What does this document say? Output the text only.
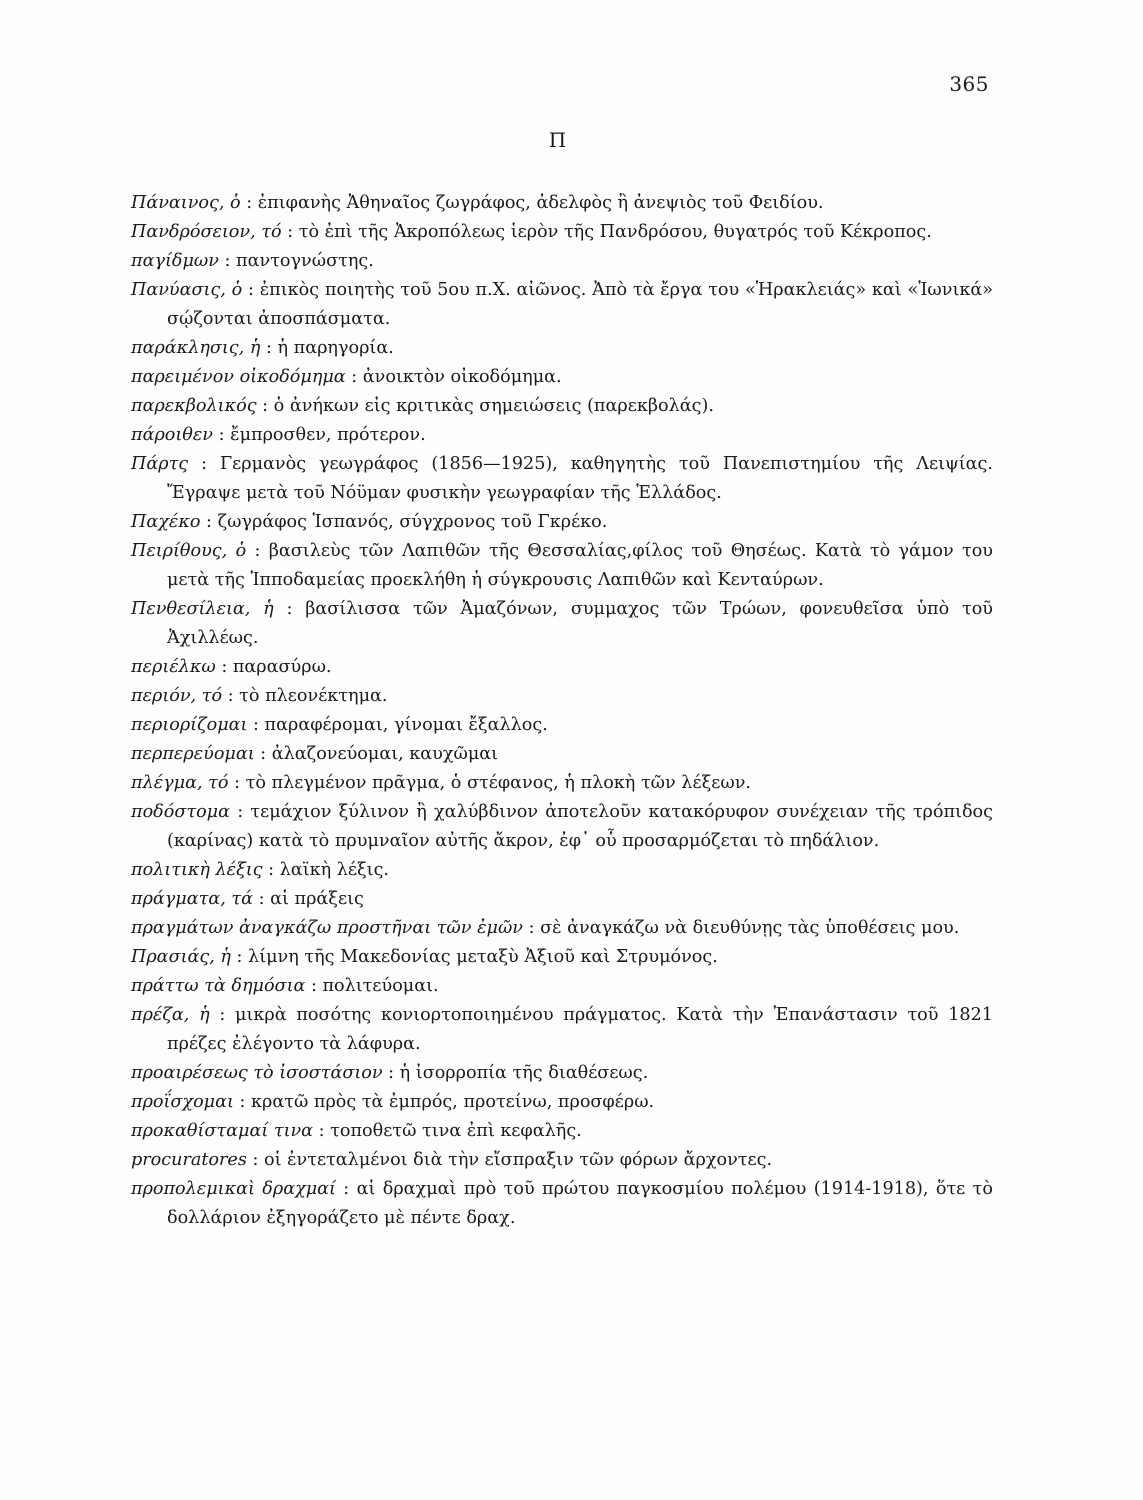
365
Π

Πάναινος, ὁ : ἐπιφανὴς Ἀθηναῖος ζωγράφος, ἀδελφὸς ἢ ἀνεψιὸς τοῦ Φειδίου.

Πανδρόσειον, τό : τὸ ἐπὶ τῆς Ἀκροπόλεως ἱερὸν τῆς Πανδρόσου, θυγατρός τοῦ Κέκροπος.

παγίδμων : παντογνώστης.

Πανύασις, ὁ : ἐπικὸς ποιητὴς τοῦ 5ου π.Χ. αἰῶνος. Ἀπὸ τὰ ἔργα του «Ἡρακλειάς» καὶ «Ἰωνικά» σῴζονται ἀποσπάσματα.

παράκλησις, ἡ : ἡ παρηγορία.

παρειμένον οἰκοδόμημα : ἀνοικτὸν οἰκοδόμημα.

παρεκβολικός : ὁ ἀνήκων εἰς κριτικὰς σημειώσεις (παρεκβολάς).

πάροιθεν : ἔμπροσθεν, πρότερον.

Πάρτς : Γερμανὸς γεωγράφος (1856—1925), καθηγητὴς τοῦ Πανεπιστημίου τῆς Λειψίας. Ἔγραψε μετὰ τοῦ Νόϋμαν φυσικὴν γεωγραφίαν τῆς Ἑλλάδος.

Παχέκο : ζωγράφος Ἱσπανός, σύγχρονος τοῦ Γκρέκο.

Πειρίθους, ὁ : βασιλεὺς τῶν Λαπιθῶν τῆς Θεσσαλίας,φίλος τοῦ Θησέως. Κατὰ τὸ γάμον του μετὰ τῆς Ἱπποδαμείας προεκλήθη ἡ σύγκρουσις Λαπιθῶν καὶ Κενταύρων.

Πενθεσίλεια, ἡ : βασίλισσα τῶν Ἀμαζόνων, συμμαχος τῶν Τρώων, φονευθεῖσα ὑπὸ τοῦ Ἀχιλλέως.

περιέλκω : παρασύρω.

περιόν, τό : τὸ πλεονέκτημα.

περιορίζομαι : παραφέρομαι, γίνομαι ἔξαλλος.

περπερεύομαι : ἀλαζονεύομαι, καυχῶμαι

πλέγμα, τό : τὸ πλεγμένον πρᾶγμα, ὁ στέφανος, ἡ πλοκὴ τῶν λέξεων.

ποδόστομα : τεμάχιον ξύλινον ἢ χαλύβδινον ἀποτελοῦν κατακόρυφον συνέχειαν τῆς τρόπιδος (καρίνας) κατὰ τὸ πρυμναῖον αὐτῆς ἄκρον, ἐφ᾽ οὗ προσαρμόζεται τὸ πηδάλιον.

πολιτικὴ λέξις : λαϊκὴ λέξις.

πράγματα, τά : αἱ πράξεις

πραγμάτων ἀναγκάζω προστῆναι τῶν ἐμῶν : σὲ ἀναγκάζω νὰ διευθύνῃς τὰς ὑποθέσεις μου.

Πρασιάς, ἡ : λίμνη τῆς Μακεδονίας μεταξὺ Ἀξιοῦ καὶ Στρυμόνος.

πράττω τὰ δημόσια : πολιτεύομαι.

πρέζα, ἡ : μικρὰ ποσότης κονιορτοποιημένου πράγματος. Κατὰ τὴν Ἐπανάστασιν τοῦ 1821 πρέζες ἐλέγοντο τὰ λάφυρα.

προαιρέσεως τὸ ἰσοστάσιον : ἡ ἰσορροπία τῆς διαθέσεως.

προΐσχομαι : κρατῶ πρὸς τὰ ἐμπρός, προτείνω, προσφέρω.

προκαθίσταμαί τινα : τοποθετῶ τινα ἐπὶ κεφαλῆς.

procuratores : οἱ ἐντεταλμένοι διὰ τὴν εἴσπραξιν τῶν φόρων ἄρχοντες.

προπολεμικαὶ δραχμαί : αἱ δραχμαὶ πρὸ τοῦ πρώτου παγκοσμίου πολέμου (1914-1918), ὅτε τὸ δολλάριον ἐξηγοράζετο μὲ πέντε δραχ.
